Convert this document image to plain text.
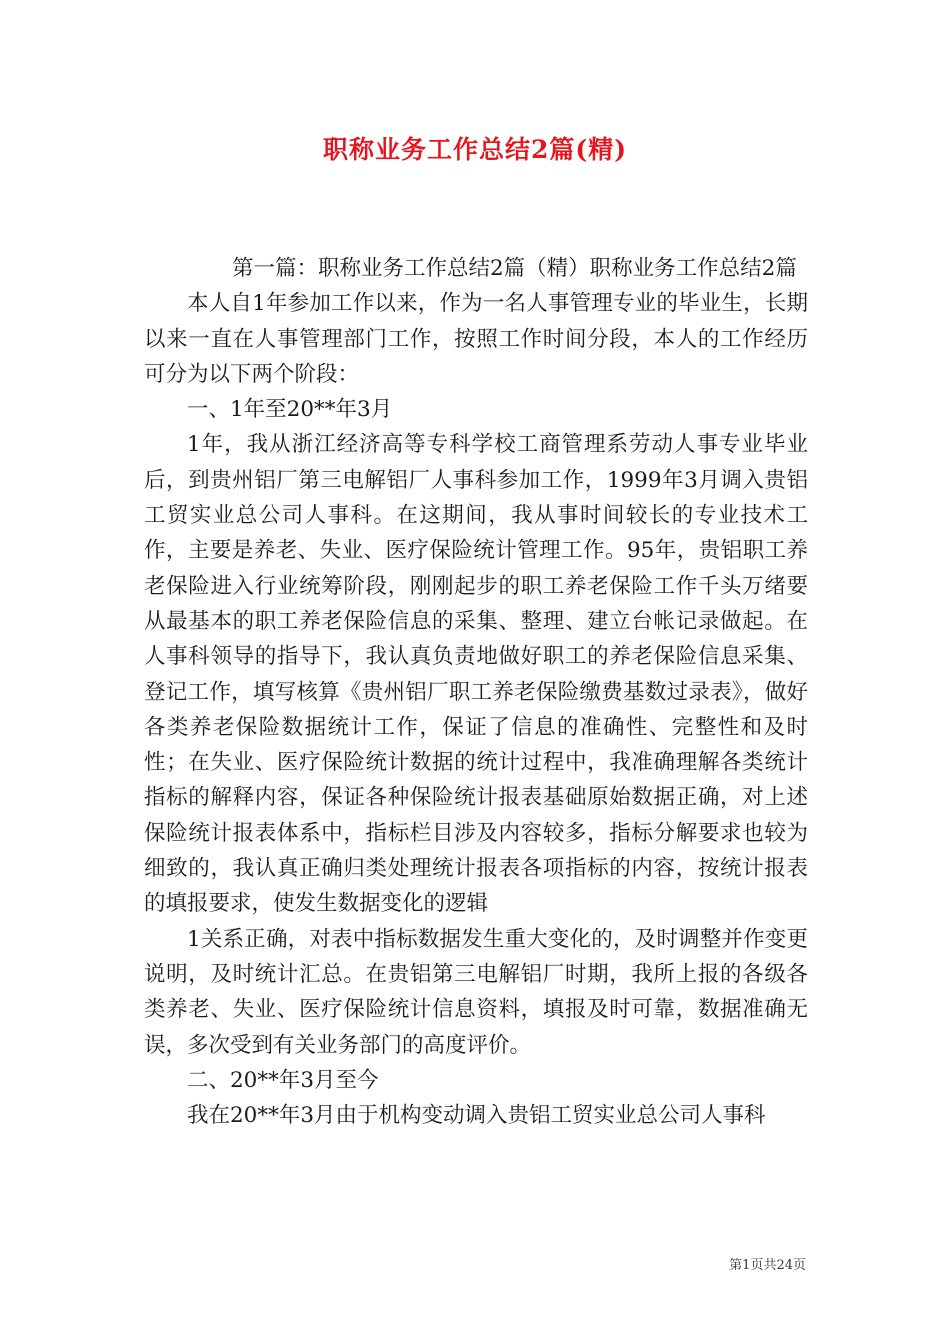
职称业务工作总结2篇(精)

第一篇：职称业务工作总结2篇（精）职称业务工作总结2篇

本人自1年参加工作以来，作为一名人事管理专业的毕业生，长期以来一直在人事管理部门工作，按照工作时间分段，本人的工作经历可分为以下两个阶段：

一、1年至20**年3月

1年，我从浙江经济高等专科学校工商管理系劳动人事专业毕业后，到贵州铝厂第三电解铝厂人事科参加工作，1999年3月调入贵铝工贸实业总公司人事科。在这期间，我从事时间较长的专业技术工作，主要是养老、失业、医疗保险统计管理工作。95年，贵铝职工养老保险进入行业统筹阶段，刚刚起步的职工养老保险工作千头万绪要从最基本的职工养老保险信息的采集、整理、建立台帐记录做起。在人事科领导的指导下，我认真负责地做好职工的养老保险信息采集、登记工作，填写核算《贵州铝厂职工养老保险缴费基数过录表》，做好各类养老保险数据统计工作，保证了信息的准确性、完整性和及时性；在失业、医疗保险统计数据的统计过程中，我准确理解各类统计指标的解释内容，保证各种保险统计报表基础原始数据正确，对上述保险统计报表体系中，指标栏目涉及内容较多，指标分解要求也较为细致的，我认真正确归类处理统计报表各项指标的内容，按统计报表的填报要求，使发生数据变化的逻辑

1关系正确，对表中指标数据发生重大变化的，及时调整并作变更说明，及时统计汇总。在贵铝第三电解铝厂时期，我所上报的各级各类养老、失业、医疗保险统计信息资料，填报及时可靠，数据准确无误，多次受到有关业务部门的高度评价。

二、20**年3月至今

我在20**年3月由于机构变动调入贵铝工贸实业总公司人事科

第1页共24页
